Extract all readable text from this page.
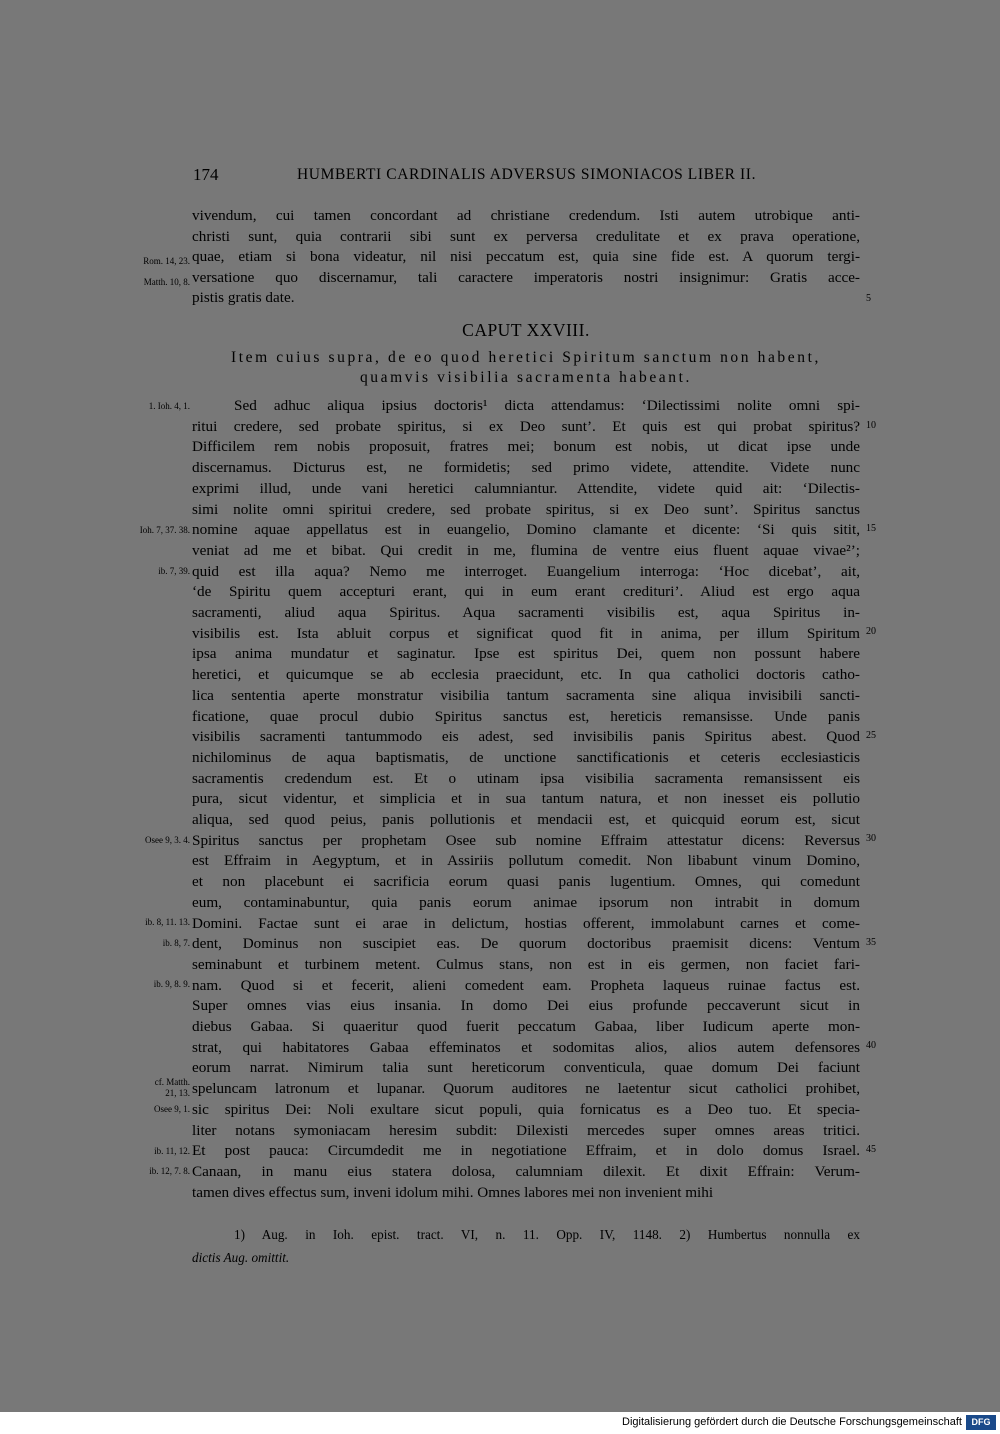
174	HUMBERTI CARDINALIS ADVERSUS SIMONIACOS LIBER II.
vivendum, cui tamen concordant ad christiane credendum. Isti autem utrobique anti-
christi sunt, quia contrarii sibi sunt ex perversa credulitate et ex prava operatione,
quae, etiam si bona videatur, nil nisi peccatum est, quia sine fide est. A quorum tergi-
versatione quo discernamur, tali caractere imperatoris nostri insignimur: Gratis acce-
pistis gratis date.
CAPUT XXVIII.
Item cuius supra, de eo quod heretici Spiritum sanctum non habent,
quamvis visibilia sacramenta habeant.
Sed adhuc aliqua ipsius doctoris¹ dicta attendamus: ‘Dilectissimi nolite omni spi-
ritui credere, sed probate spiritus, si ex Deo sunt’. Et quis est qui probat spiritus?
Difficilem rem nobis proposuit, fratres mei; bonum est nobis, ut dicat ipse unde
discernamus. Dicturus est, ne formidetis; sed primo videte, attendite. Videte nunc
exprimi illud, unde vani heretici calumniantur. Attendite, videte quid ait: ‘Dilectis-
simi nolite omni spiritui credere, sed probate spiritus, si ex Deo sunt’. Spiritus sanctus
nomine aquae appellatus est in euangelio, Domino clamante et dicente: ‘Si quis sitit,
veniat ad me et bibat. Qui credit in me, flumina de ventre eius fluent aquae vivae²’;
quid est illa aqua? Nemo me interroget. Euangelium interroga: ‘Hoc dicebat’, ait,
‘de Spiritu quem accepturi erant, qui in eum erant credituri’. Aliud est ergo aqua
sacramenti, aliud aqua Spiritus. Aqua sacramenti visibilis est, aqua Spiritus in-
visibilis est. Ista abluit corpus et significat quod fit in anima, per illum Spiritum
ipsa anima mundatur et saginatur. Ipse est spiritus Dei, quem non possunt habere
heretici, et quicumque se ab ecclesia praecidunt, etc. In qua catholici doctoris catho-
lica sententia aperte monstratur visibilia tantum sacramenta sine aliqua invisibili sancti-
ficatione, quae procul dubio Spiritus sanctus est, hereticis remansisse. Unde panis
visibilis sacramenti tantummodo eis adest, sed invisibilis panis Spiritus abest. Quod
nichilominus de aqua baptismatis, de unctione sanctificationis et ceteris ecclesiasticis
sacramentis credendum est. Et o utinam ipsa visibilia sacramenta remansissent eis
pura, sicut videntur, et simplicia et in sua tantum natura, et non inesset eis pollutio
aliqua, sed quod peius, panis pollutionis et mendacii est, et quicquid eorum est, sicut
Spiritus sanctus per prophetam Osee sub nomine Effraim attestatur dicens: Reversus
est Effraim in Aegyptum, et in Assiriis pollutum comedit. Non libabunt vinum Domino,
et non placebunt ei sacrificia eorum quasi panis lugentium. Omnes, qui comedunt
eum, contaminabuntur, quia panis eorum animae ipsorum non intrabit in domum
Domini. Factae sunt ei arae in delictum, hostias offerent, immolabunt carnes et come-
dent, Dominus non suscipiet eas. De quorum doctoribus praemisit dicens: Ventum
seminabunt et turbinem metent. Culmus stans, non est in eis germen, non faciet fari-
nam. Quod si et fecerit, alieni comedent eam. Propheta laqueus ruinae factus est.
Super omnes vias eius insania. In domo Dei eius profunde peccaverunt sicut in
diebus Gabaa. Si quaeritur quod fuerit peccatum Gabaa, liber Iudicum aperte mon-
strat, qui habitatores Gabaa effeminatos et sodomitas alios, alios autem defensores
eorum narrat. Nimirum talia sunt hereticorum conventicula, quae domum Dei faciunt
speluncam latronum et lupanar. Quorum auditores ne laetentur sicut catholici prohibet,
sic spiritus Dei: Noli exultare sicut populi, quia fornicatus es a Deo tuo. Et specia-
liter notans symoniacam heresim subdit: Dilexisti mercedes super omnes areas tritici.
Et post pauca: Circumdedit me in negotiatione Effraim, et in dolo domus Israel.
Canaan, in manu eius statera dolosa, calumniam dilexit. Et dixit Effrain: Verum-
tamen dives effectus sum, inveni idolum mihi. Omnes labores mei non invenient mihi
Rom. 14, 23.
Matth. 10, 8.
1. Ioh. 4, 1.
Ioh. 7, 37. 38.
ib. 7, 39.
Osee 9, 3. 4.
ib. 8, 11. 13.
ib. 8, 7.
ib. 9, 8. 9.
cf. Matth.
21, 13.
Osee 9, 1.
ib. 11, 12.
ib. 12, 7. 8.
5
10
15
20
25
30
35
40
45
1) Aug. in Ioh. epist. tract. VI, n. 11. Opp. IV, 1148. 2) Humbertus nonnulla ex
dictis Aug. omittit.
Digitalisierung gefördert durch die Deutsche Forschungsgemeinschaft	DFG
